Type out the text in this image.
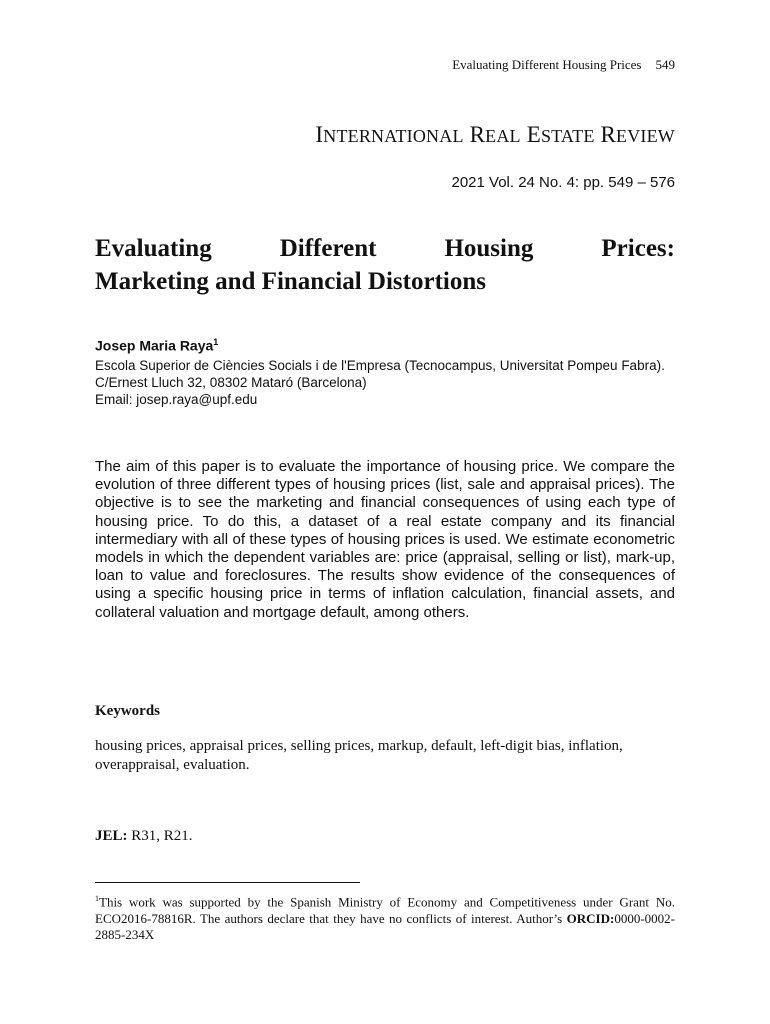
Evaluating Different Housing Prices 549
INTERNATIONAL REAL ESTATE REVIEW
2021 Vol. 24 No. 4: pp. 549 – 576
Evaluating	Different	Housing	Prices:
Marketing and Financial Distortions
Josep Maria Raya$^1$
Escola Superior de Ciències Socials i de l'Empresa (Tecnocampus, Universitat Pompeu Fabra). C/Ernest Lluch 32, 08302 Mataró (Barcelona)
Email: josep.raya@upf.edu

The aim of this paper is to evaluate the importance of housing price. We compare the evolution of three different types of housing prices (list, sale and appraisal prices). The objective is to see the marketing and financial consequences of using each type of housing price. To do this, a dataset of a real estate company and its financial intermediary with all of these types of housing prices is used. We estimate econometric models in which the dependent variables are: price (appraisal, selling or list), mark-up, loan to value and foreclosures. The results show evidence of the consequences of using a specific housing price in terms of inflation calculation, financial assets, and collateral valuation and mortgage default, among others.

Keywords

housing prices, appraisal prices, selling prices, markup, default, left-digit bias, inflation, overappraisal, evaluation.

JEL: R31, R21.

$^1$This work was supported by the Spanish Ministry of Economy and Competitiveness under Grant No. ECO2016-78816R. The authors declare that they have no conflicts of interest. Author’s ORCID:0000-0002-2885-234X
